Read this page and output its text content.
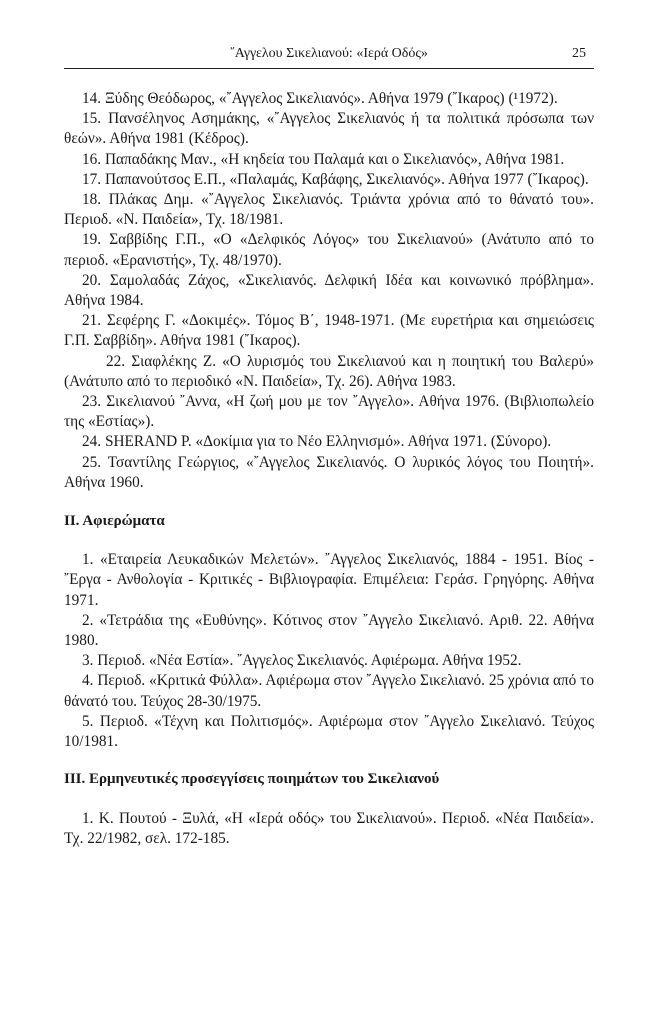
῎Αγγελου Σικελιανού: «Ιερά Οδός»	25

14. Ξύδης Θεόδωρος, «῎Αγγελος Σικελιανός». Αθήνα 1979 (῎Ικαρος) (¹1972).

15. Πανσέληνος Ασημάκης, «῎Αγγελος Σικελιανός ή τα πολιτικά πρόσωπα των θεών». Αθήνα 1981 (Κέδρος).

16. Παπαδάκης Μαν., «Η κηδεία του Παλαμά και ο Σικελιανός», Αθήνα 1981.

17. Παπανούτσος Ε.Π., «Παλαμάς, Καβάφης, Σικελιανός». Αθήνα 1977 (῎Ικαρος).

18. Πλάκας Δημ. «῎Αγγελος Σικελιανός. Τριάντα χρόνια από το θάνατό του». Περιοδ. «Ν. Παιδεία», Τχ. 18/1981.

19. Σαββίδης Γ.Π., «Ο «Δελφικός Λόγος» του Σικελιανού» (Ανάτυπο από το περιοδ. «Ερανιστής», Τχ. 48/1970).

20. Σαμολαδάς Ζάχος, «Σικελιανός. Δελφική Ιδέα και κοινωνικό πρόβλημα». Αθήνα 1984.

21. Σεφέρης Γ. «Δοκιμές». Τόμος Β΄, 1948-1971. (Με ευρετήρια και σημειώσεις Γ.Π. Σαββίδη». Αθήνα 1981 (῎Ικαρος).

22. Σιαφλέκης Ζ. «Ο λυρισμός του Σικελιανού και η ποιητική του Βαλερύ» (Ανάτυπο από το περιοδικό «Ν. Παιδεία», Τχ. 26). Αθήνα 1983.

23. Σικελιανού ῎Αννα, «Η ζωή μου με τον ῎Αγγελο». Αθήνα 1976. (Βιβλιοπωλείο της «Εστίας»).

24. SHERAND P. «Δοκίμια για το Νέο Ελληνισμό». Αθήνα 1971. (Σύνορο).

25. Τσαντίλης Γεώργιος, «῎Αγγελος Σικελιανός. Ο λυρικός λόγος του Ποιητή». Αθήνα 1960.

ΙΙ. Αφιερώματα

1. «Εταιρεία Λευκαδικών Μελετών». ῎Αγγελος Σικελιανός, 1884 - 1951. Βίος - ῎Εργα - Ανθολογία - Κριτικές - Βιβλιογραφία. Επιμέλεια: Γεράσ. Γρηγόρης. Αθήνα 1971.

2. «Τετράδια της «Ευθύνης». Κότινος στον ῎Αγγελο Σικελιανό. Αριθ. 22. Αθήνα 1980.

3. Περιοδ. «Νέα Εστία». ῎Αγγελος Σικελιανός. Αφιέρωμα. Αθήνα 1952.

4. Περιοδ. «Κριτικά Φύλλα». Αφιέρωμα στον ῎Αγγελο Σικελιανό. 25 χρόνια από το θάνατό του. Τεύχος 28-30/1975.

5. Περιοδ. «Τέχνη και Πολιτισμός». Αφιέρωμα στον ῎Αγγελο Σικελιανό. Τεύχος 10/1981.

ΙΙΙ. Ερμηνευτικές προσεγγίσεις ποιημάτων του Σικελιανού

1. Κ. Πουτού - Ξυλά, «Η «Ιερά οδός» του Σικελιανού». Περιοδ. «Νέα Παιδεία». Τχ. 22/1982, σελ. 172-185.
